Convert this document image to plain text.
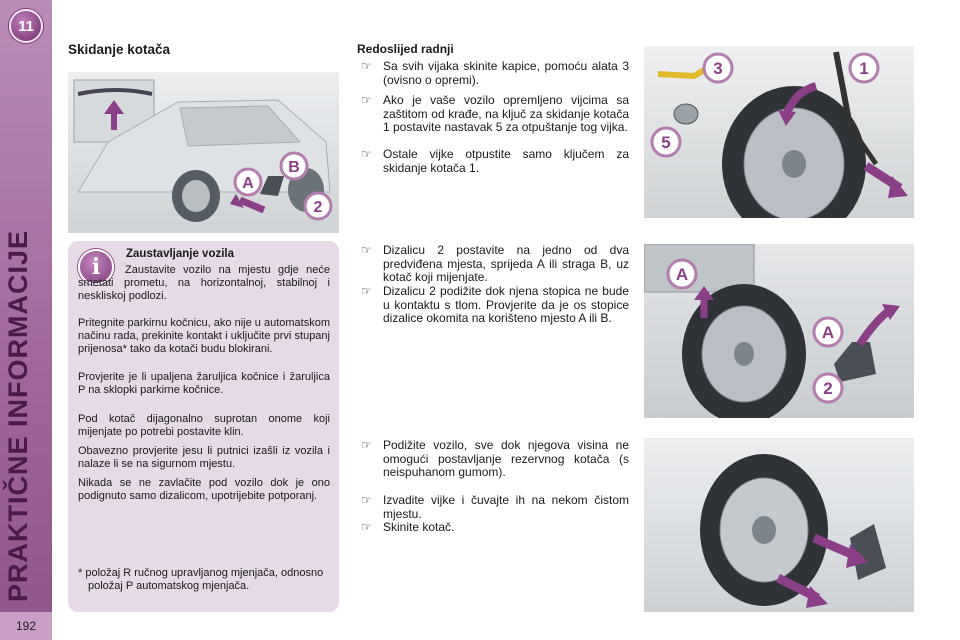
11
PRAKTIČNE INFORMACIJE
192
Skidanje kotača
A
B
2
i	Zaustavljanje vozila
Zaustavite vozilo na mjestu gdje neće smetati prometu, na horizontalnoj, stabilnoj i neskliskoj podlozi.
Pritegnite parkirnu kočnicu, ako nije u automatskom načinu rada, prekinite kontakt i uključite prvi stupanj prijenosa* tako da kotači budu blokirani.
Provjerite je li upaljena žaruljica kočnice i žaruljica P na sklopki parkirne kočnice.
Pod kotač dijagonalno suprotan onome koji mijenjate po potrebi postavite klin.
Obavezno provjerite jesu li putnici izašli iz vozila i nalaze li se na sigurnom mjestu.
Nikada se ne zavlačite pod vozilo dok je ono podignuto samo dizalicom, upotrijebite potporanj.
* položaj R ručnog upravljanog mjenjača, odnosno položaj P automatskog mjenjača.
Redoslijed radnji
☞ Sa svih vijaka skinite kapice, pomoću alata 3 (ovisno o opremi).
☞ Ako je vaše vozilo opremljeno vijcima sa zaštitom od krađe, na ključ za skidanje kotača 1 postavite nastavak 5 za otpuštanje tog vijka.
☞ Ostale vijke otpustite samo ključem za skidanje kotača 1.
☞ Dizalicu 2 postavite na jedno od dva predviđena mjesta, sprijeda A ili straga B, uz kotač koji mijenjate.
☞ Dizalicu 2 podižite dok njena stopica ne bude u kontaktu s tlom. Provjerite da je os stopice dizalice okomita na korišteno mjesto A ili B.
☞ Podižite vozilo, sve dok njegova visina ne omogući postavljanje rezervnog kotača (s neispuhanom gumom).
☞ Izvadite vijke i čuvajte ih na nekom čistom mjestu.
☞ Skinite kotač.
3	1
5
A
A
2
